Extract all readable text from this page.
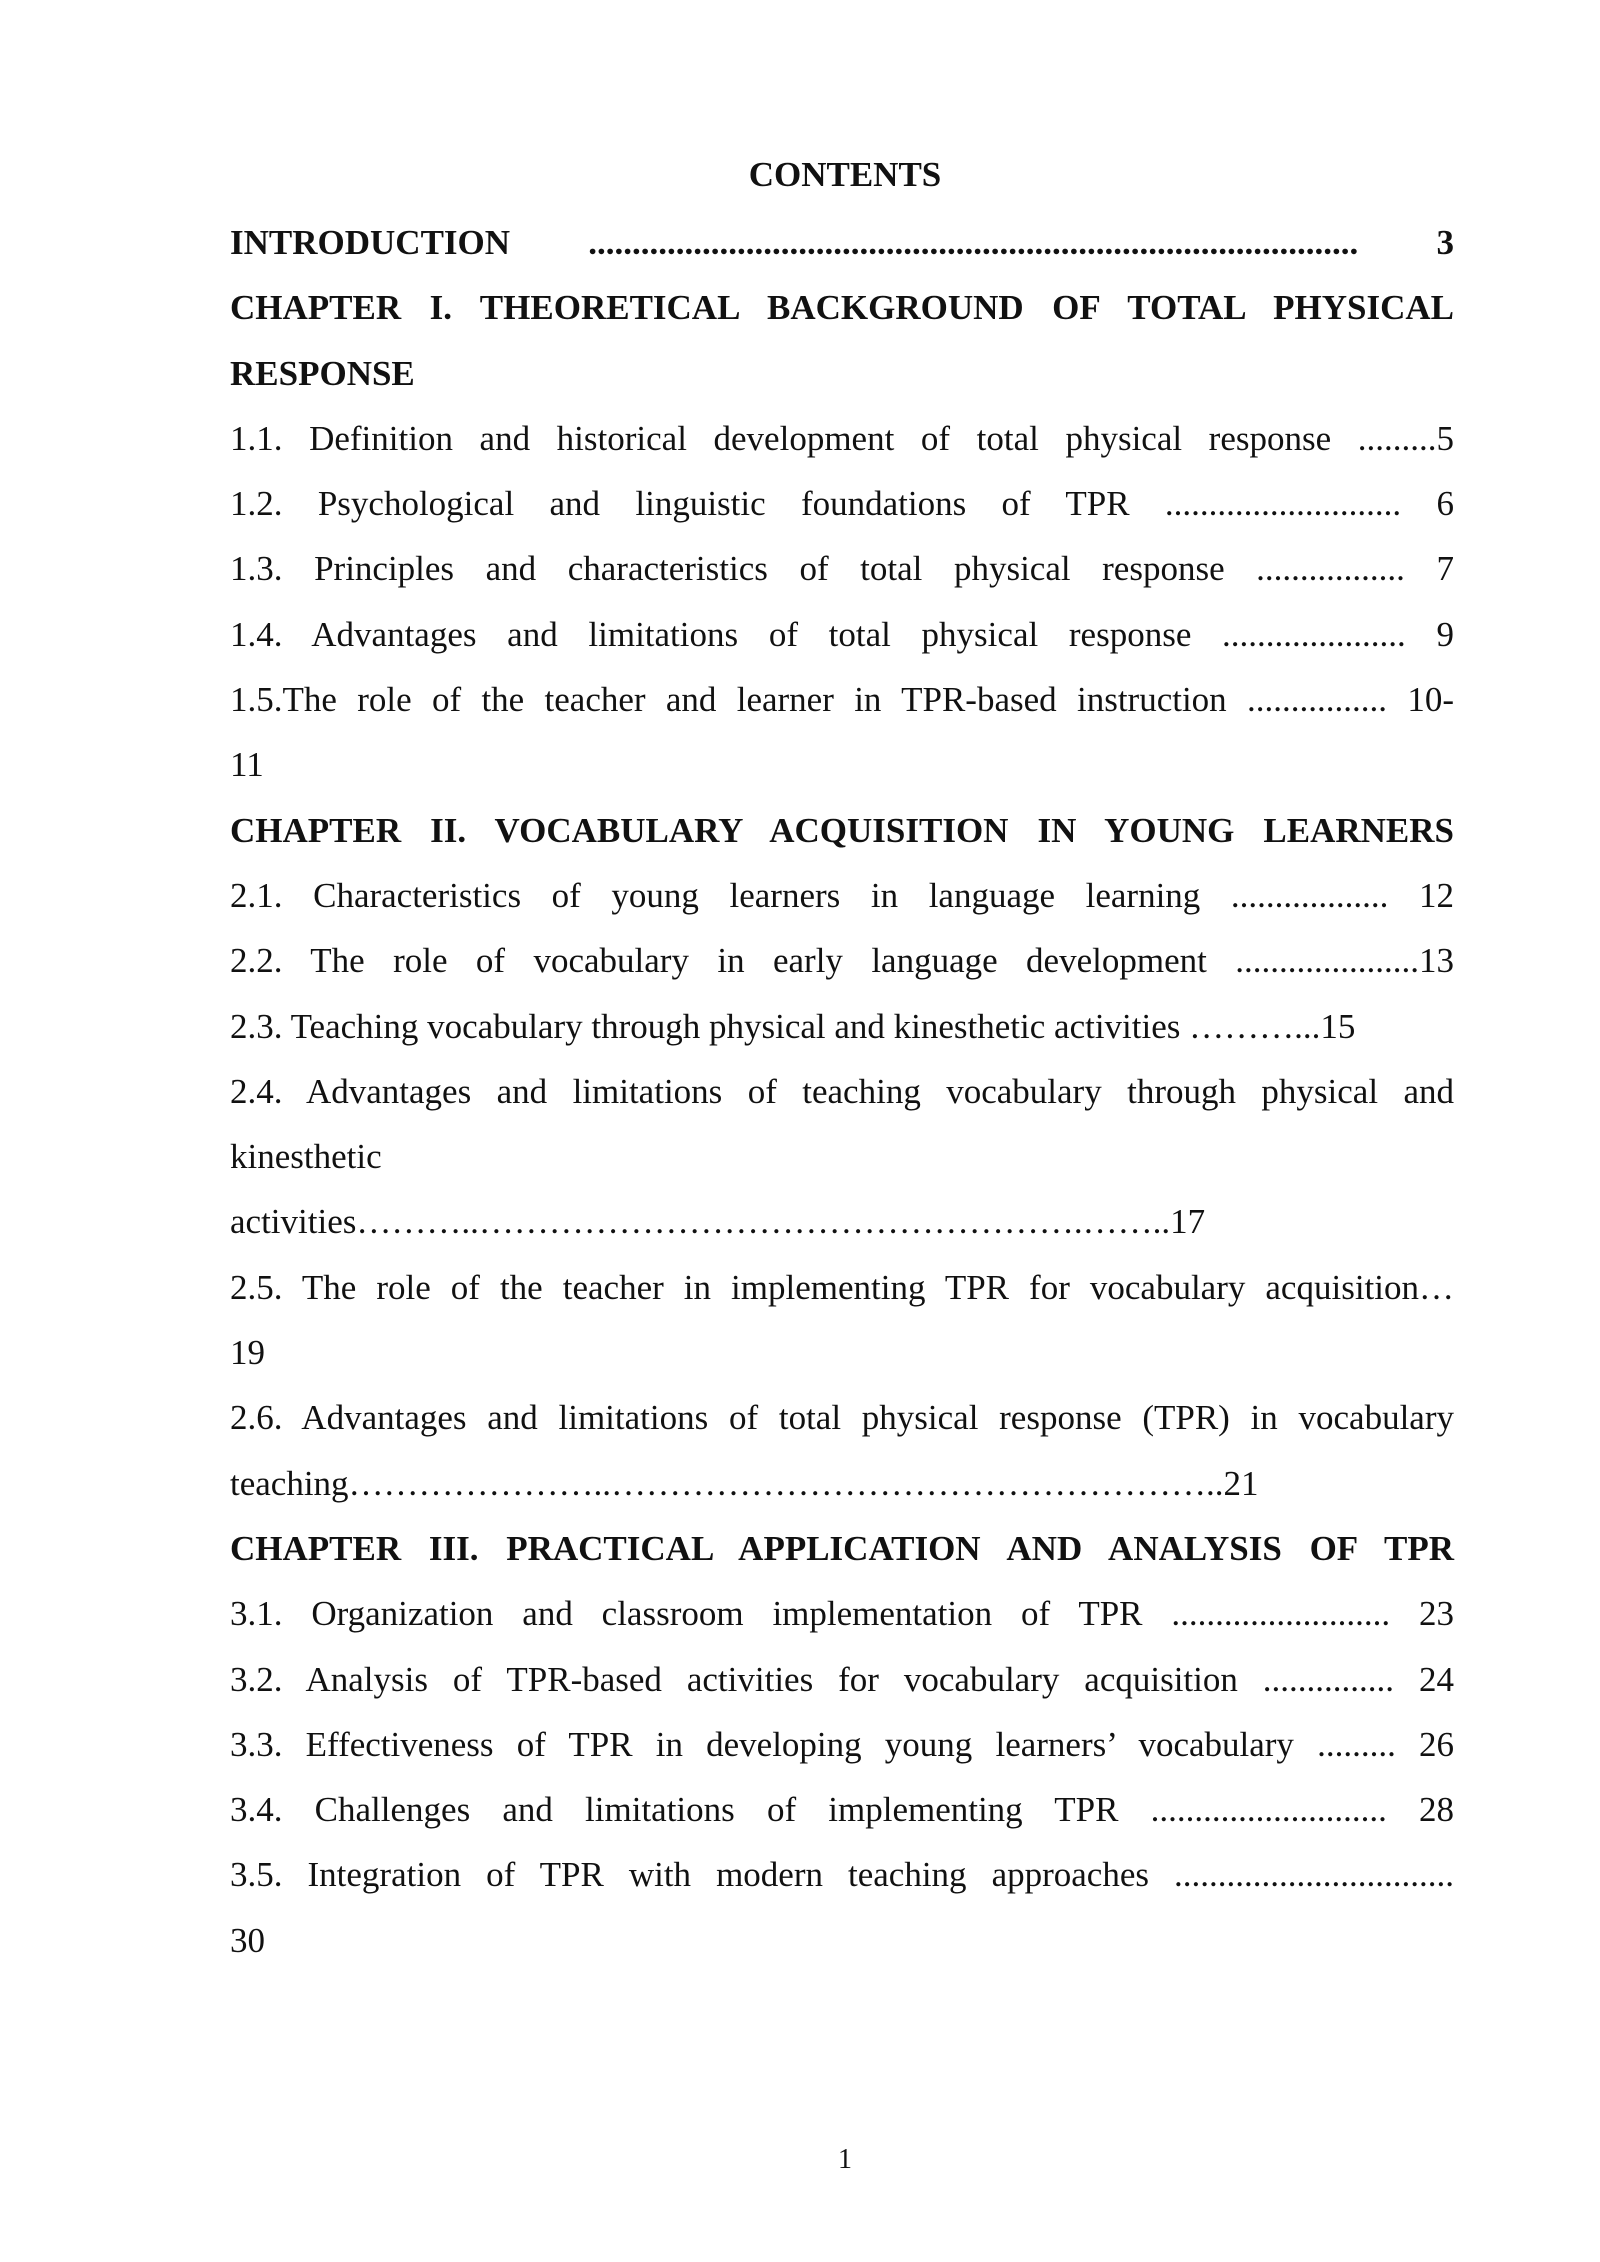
CONTENTS
INTRODUCTION ........................................................................................ 3
CHAPTER I. THEORETICAL BACKGROUND OF TOTAL PHYSICAL
RESPONSE
1.1. Definition and historical development of total physical response .........5
1.2. Psychological and linguistic foundations of TPR ........................... 6
1.3. Principles and characteristics of total physical response ................. 7
1.4. Advantages and limitations of total physical response ..................... 9
1.5.The role of the teacher and learner in TPR-based instruction ................ 10-
11
CHAPTER II. VOCABULARY ACQUISITION IN YOUNG LEARNERS
2.1. Characteristics of young learners in language learning .................. 12
2.2. The role of vocabulary in early language development .....................13
2.3. Teaching vocabulary through physical and kinesthetic activities ………...15
2.4. Advantages and limitations of teaching vocabulary through physical and
kinesthetic
activities………..…………………………………………….……..17
2.5. The role of the teacher in implementing TPR for vocabulary acquisition…
19
2.6. Advantages and limitations of total physical response (TPR) in vocabulary
teaching…………………..……………………………………………..21
CHAPTER III. PRACTICAL APPLICATION AND ANALYSIS OF TPR
3.1. Organization and classroom implementation of TPR ......................... 23
3.2. Analysis of TPR-based activities for vocabulary acquisition ............... 24
3.3. Effectiveness of TPR in developing young learners’ vocabulary ......... 26
3.4. Challenges and limitations of implementing TPR ........................... 28
3.5. Integration of TPR with modern teaching approaches ................................
30

1
